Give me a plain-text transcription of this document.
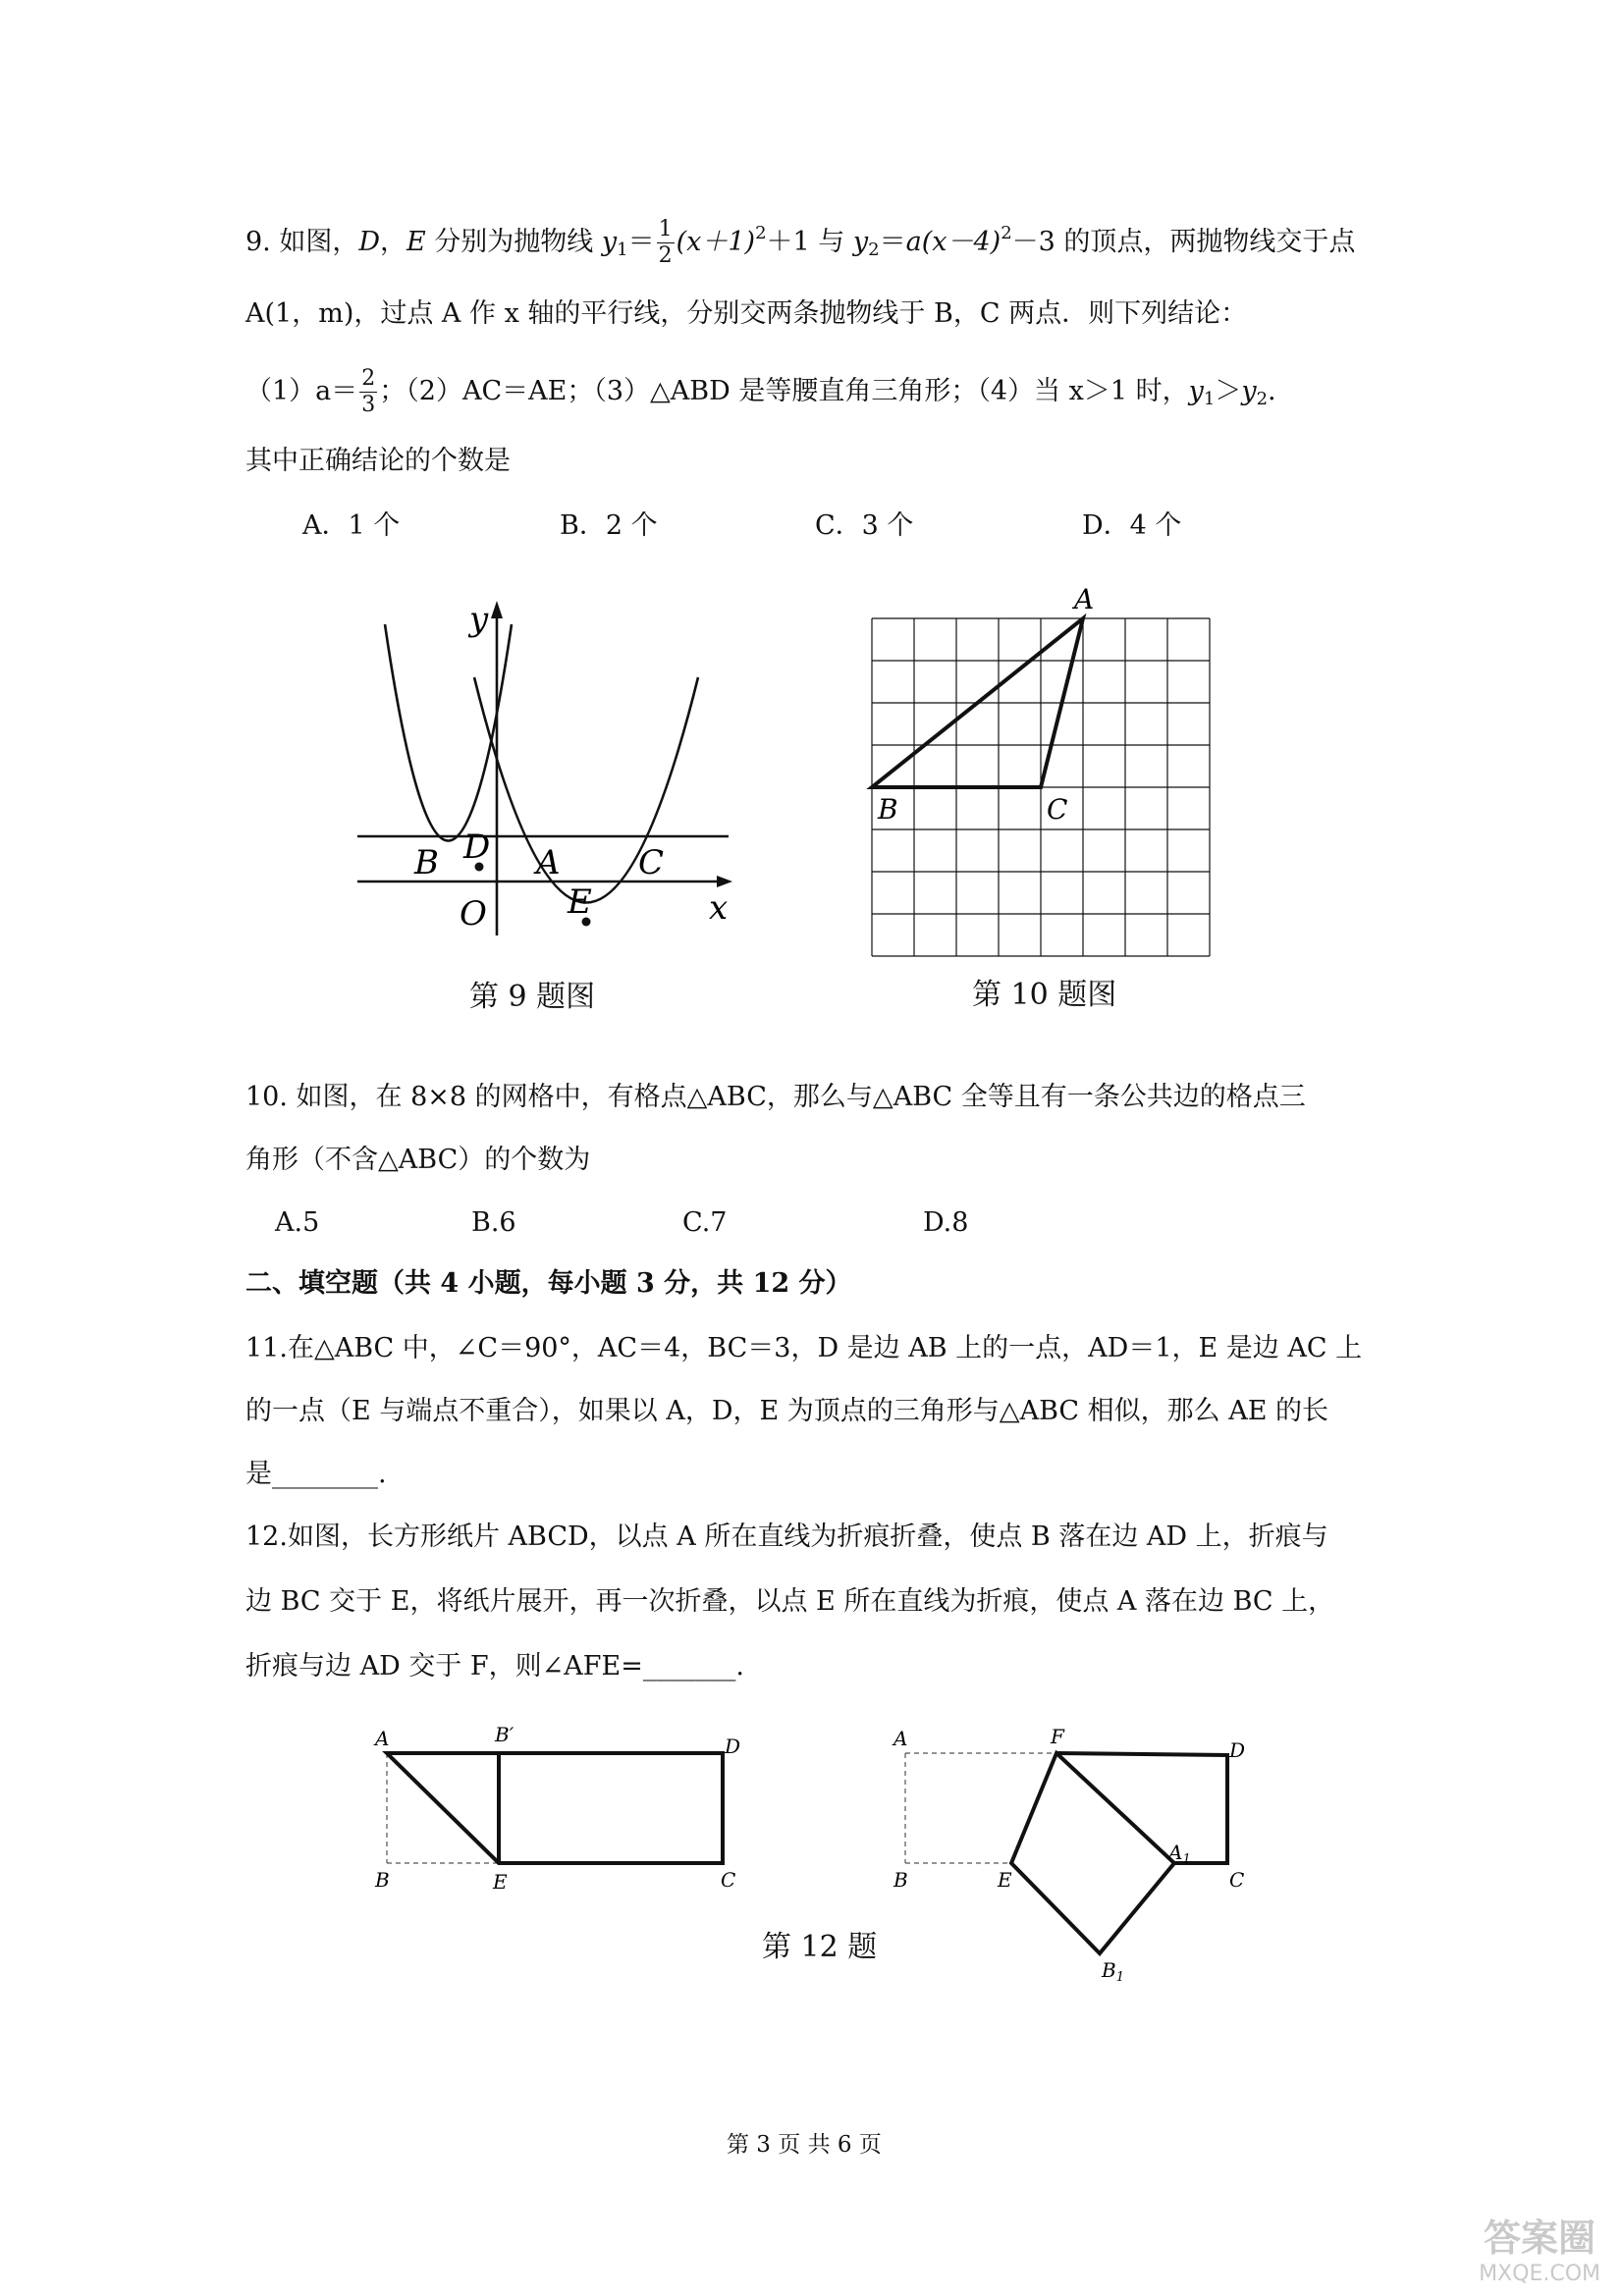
9. 如图，D，E 分别为抛物线 $y_1= \frac{1}{2} (x+1)^2+1$ 与 $y_2=a(x-4)^2-3$ 的顶点，两抛物线交于点
A(1，m)，过点 A 作 x 轴的平行线，分别交两条抛物线于 B，C 两点．则下列结论：
$(1)a= \frac{2}{3}$ ；（2）AC＝AE；（3）△ABD 是等腰直角三角形；（4）当 x＞1 时，$y_1>y_2$.
其中正确结论的个数是
A．1 个	B．2 个	C．3 个	D．4 个
y
x
O
B D A C
E
第 9 题图
A
B	C
第 10 题图
10. 如图，在 8×8 的网格中，有格点△ABC，那么与△ABC 全等且有一条公共边的格点三
角形（不含△ABC）的个数为
A.5	B.6	C.7	D.8
二、填空题（共 4 小题，每小题 3 分，共 12 分）
11.在△ABC 中，∠C＝90°，AC＝4，BC＝3，D 是边 AB 上的一点，AD＝1，E 是边 AC 上
的一点（E 与端点不重合），如果以 A，D，E 为顶点的三角形与△ABC 相似，那么 AE 的长
是________.
12.如图，长方形纸片 ABCD，以点 A 所在直线为折痕折叠，使点 B 落在边 AD 上，折痕与
边 BC 交于 E，将纸片展开，再一次折叠，以点 E 所在直线为折痕，使点 A 落在边 BC 上，
折痕与边 AD 交于 F，则∠AFE=_______.
A	B′	D
B	E	C
第 12 题
A	F
D
B	E
$A_1$
C
$B_1$
第 3 页 共 6 页
答案圈
MXQE.COM
